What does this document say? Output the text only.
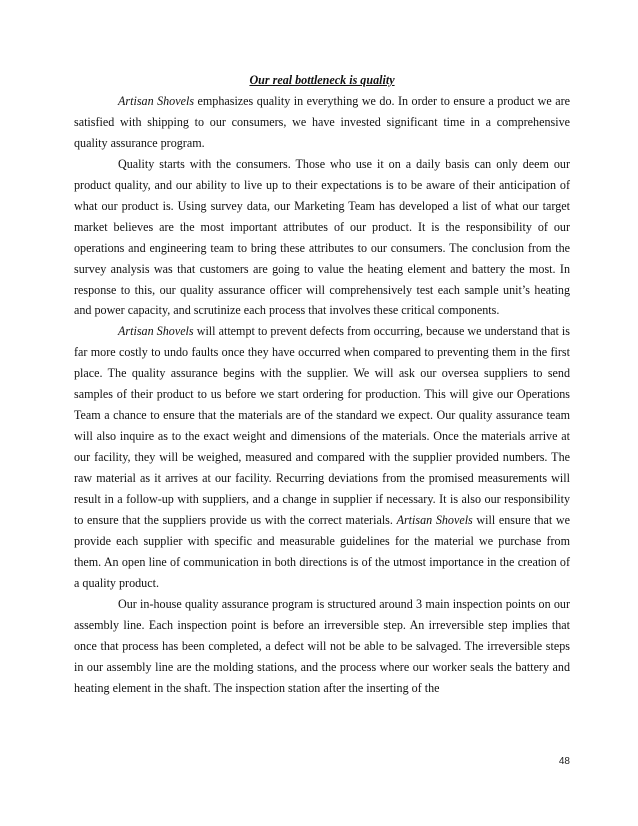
Our real bottleneck is quality

Artisan Shovels emphasizes quality in everything we do. In order to ensure a product we are satisfied with shipping to our consumers, we have invested significant time in a comprehensive quality assurance program.

Quality starts with the consumers. Those who use it on a daily basis can only deem our product quality, and our ability to live up to their expectations is to be aware of their anticipation of what our product is. Using survey data, our Marketing Team has developed a list of what our target market believes are the most important attributes of our product. It is the responsibility of our operations and engineering team to bring these attributes to our consumers. The conclusion from the survey analysis was that customers are going to value the heating element and battery the most. In response to this, our quality assurance officer will comprehensively test each sample unit’s heating and power capacity, and scrutinize each process that involves these critical components.

Artisan Shovels will attempt to prevent defects from occurring, because we understand that is far more costly to undo faults once they have occurred when compared to preventing them in the first place. The quality assurance begins with the supplier. We will ask our oversea suppliers to send samples of their product to us before we start ordering for production. This will give our Operations Team a chance to ensure that the materials are of the standard we expect. Our quality assurance team will also inquire as to the exact weight and dimensions of the materials. Once the materials arrive at our facility, they will be weighed, measured and compared with the supplier provided numbers. The raw material as it arrives at our facility. Recurring deviations from the promised measurements will result in a follow-up with suppliers, and a change in supplier if necessary. It is also our responsibility to ensure that the suppliers provide us with the correct materials. Artisan Shovels will ensure that we provide each supplier with specific and measurable guidelines for the material we purchase from them. An open line of communication in both directions is of the utmost importance in the creation of a quality product.

Our in-house quality assurance program is structured around 3 main inspection points on our assembly line. Each inspection point is before an irreversible step. An irreversible step implies that once that process has been completed, a defect will not be able to be salvaged. The irreversible steps in our assembly line are the molding stations, and the process where our worker seals the battery and heating element in the shaft. The inspection station after the inserting of the

48
